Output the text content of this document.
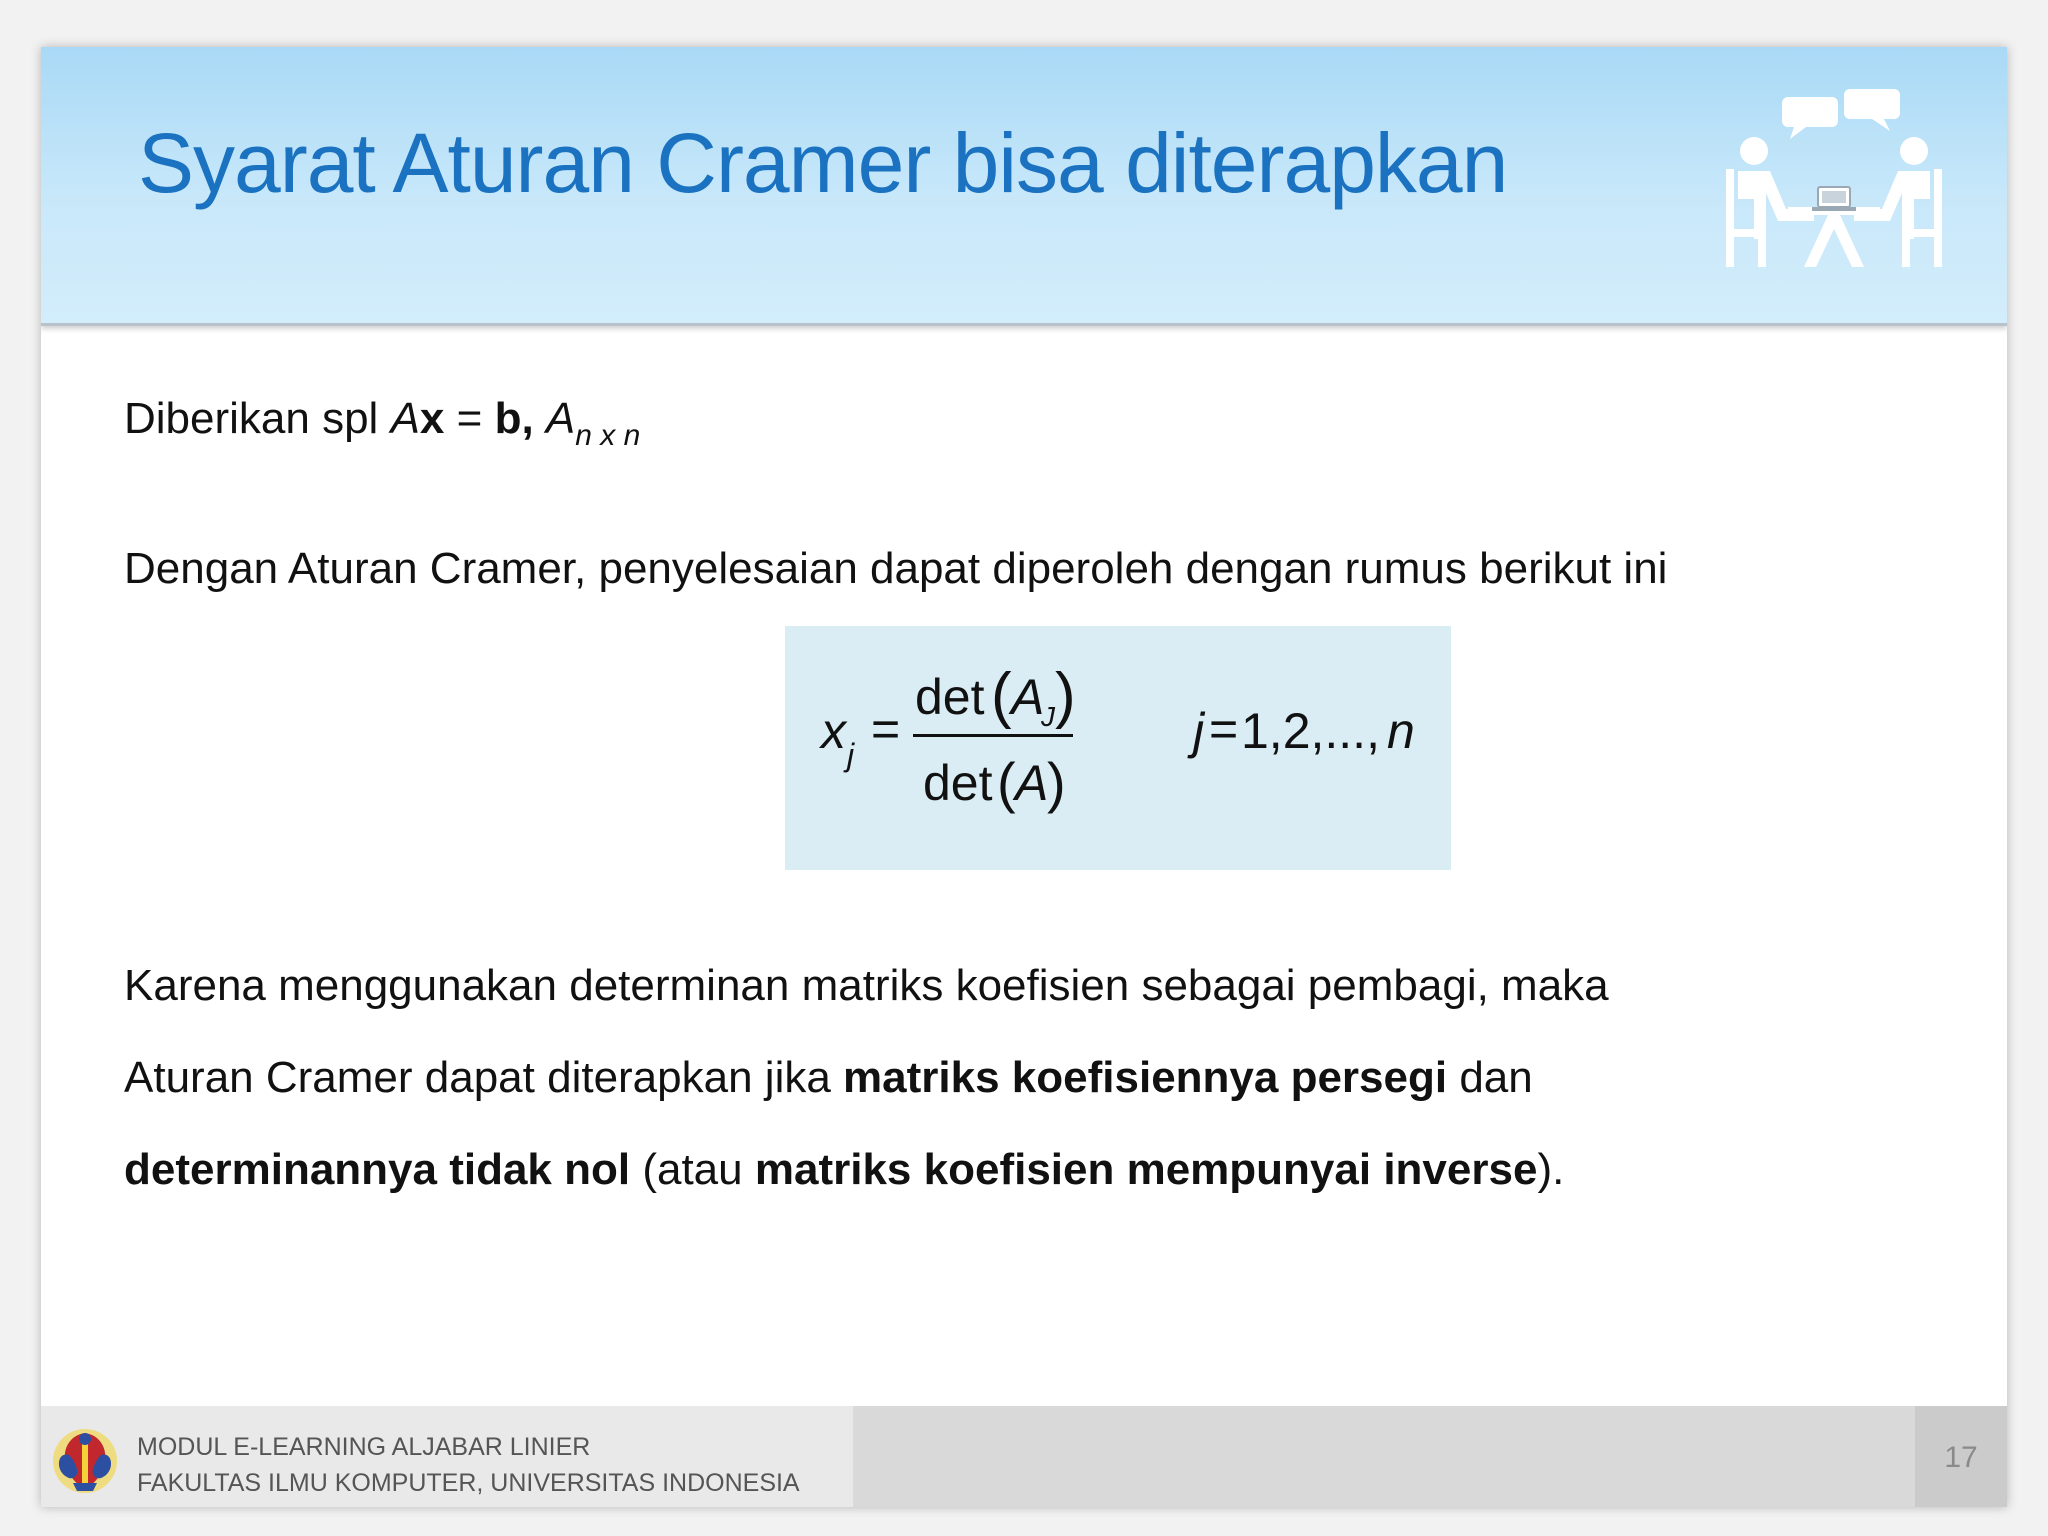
Syarat Aturan Cramer bisa diterapkan
Diberikan spl Ax = b, $A_{n x n}$
Dengan Aturan Cramer, penyelesaian dapat diperoleh dengan rumus berikut ini
x j =
det ( A
J )
det ( A
)
j = 1,2,..., n
Karena menggunakan determinan matriks koefisien sebagai pembagi, maka
Aturan Cramer dapat diterapkan jika matriks koefisiennya persegi dan
determinannya tidak nol (atau matriks koefisien mempunyai inverse).
MODUL E-LEARNING ALJABAR LINIER
FAKULTAS ILMU KOMPUTER, UNIVERSITAS INDONESIA
17
